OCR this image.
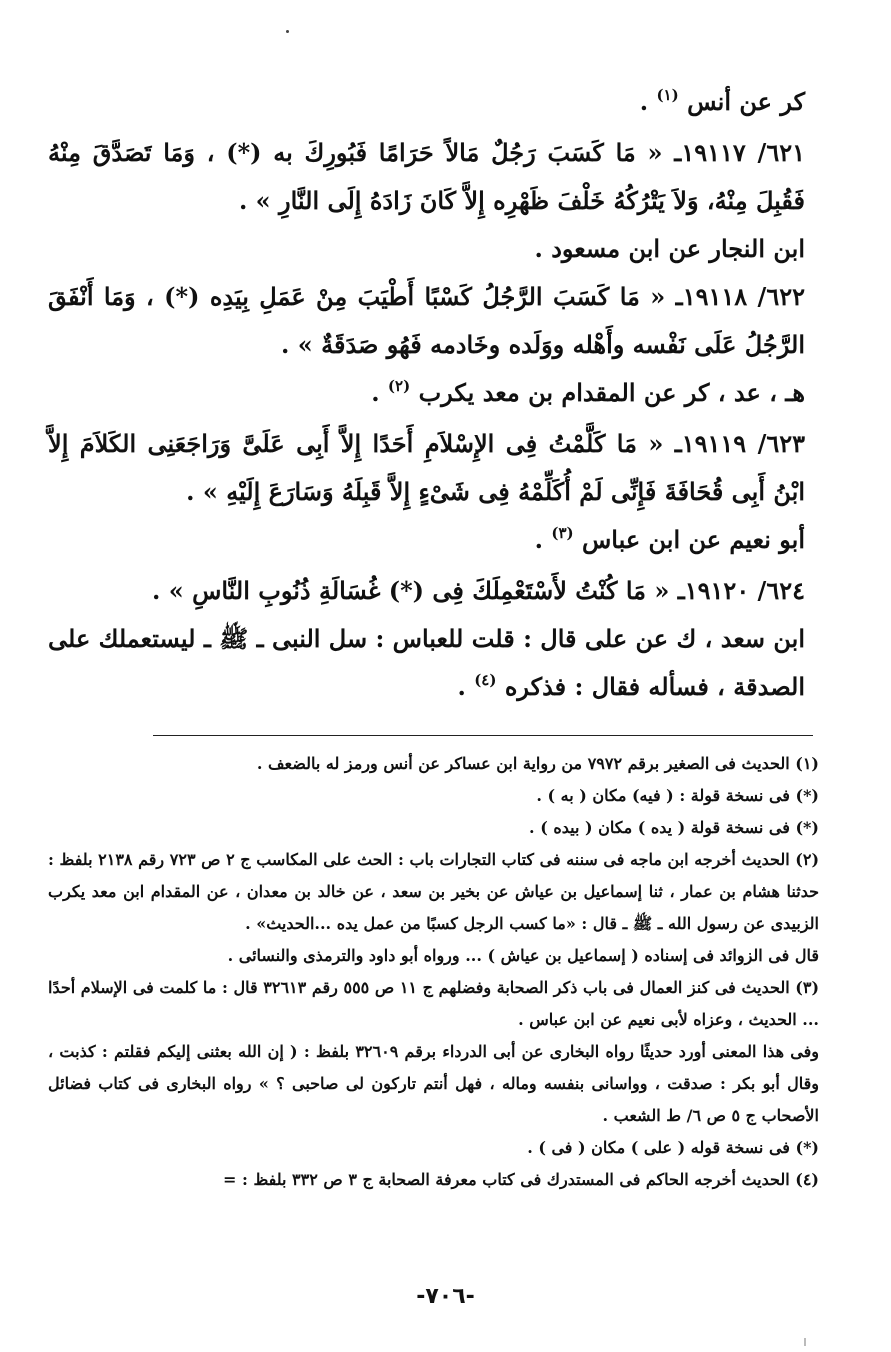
كر عن أنس $^{(١)}$ .

٦٢١/ ١٩١١٧ـ « مَا كَسَبَ رَجُلٌ مَالاً حَرَامًا فَبُورِكَ به (*) ، وَمَا تَصَدَّقَ مِنْهُ فَقُبِلَ مِنْهُ، وَلاَ يَتْرُكُهُ خَلْفَ ظَهْرِه إِلاَّ كَانَ زَادَهُ إِلَى النَّارِ » .

ابن النجار عن ابن مسعود .

٦٢٢/ ١٩١١٨ـ « مَا كَسَبَ الرَّجُلُ كَسْبًا أَطْيَبَ مِنْ عَمَلِ بِيَدِه (*) ، وَمَا أَنْفَقَ الرَّجُلُ عَلَى نَفْسه وأَهْله ووَلَده وخَادمه فَهُو صَدَقَةٌ » .

هـ ، عد ، كر عن المقدام بن معد يكرب $^{(٢)}$ .

٦٢٣/ ١٩١١٩ـ « مَا كَلَّمْتُ فِى الإِسْلاَمِ أَحَدًا إِلاَّ أَبِى عَلَىَّ وَرَاجَعَنِى الكَلاَمَ إِلاَّ ابْنُ أَبِى قُحَافَةَ فَإِنِّى لَمْ أُكَلِّمْهُ فِى شَىْءٍ إِلاَّ قَبِلَهُ وَسَارَعَ إِلَيْهِ » .

أبو نعيم عن ابن عباس $^{(٣)}$ .

٦٢٤/ ١٩١٢٠ـ « مَا كُنْتُ لأَسْتَعْمِلَكَ فِى (*) غُسَالَةِ ذُنُوبِ النَّاسِ » .

ابن سعد ، ك عن على قال : قلت للعباس : سل النبى ـ ﷺ ـ ليستعملك على الصدقة ، فسأله فقال : فذكره $^{(٤)}$ .

(١) الحديث فى الصغير برقم ٧٩٧٢ من رواية ابن عساكر عن أنس ورمز له بالضعف .

(*) فى نسخة قولة : ( فيه) مكان ( به ) .

(*) فى نسخة قولة ( يده ) مكان ( بيده ) .

(٢) الحديث أخرجه ابن ماجه فى سننه فى كتاب التجارات باب : الحث على المكاسب ج ٢ ص ٧٢٣ رقم ٢١٣٨ بلفظ : حدثنا هشام بن عمار ، ثنا إسماعيل بن عياش عن بخير بن سعد ، عن خالد بن معدان ، عن المقدام ابن معد يكرب الزبيدى عن رسول الله ـ ﷺ ـ قال : «ما كسب الرجل كسبًا من عمل يده ...الحديث» .

قال فى الزوائد فى إسناده ( إسماعيل بن عياش ) ... ورواه أبو داود والترمذى والنسائى .

(٣) الحديث فى كنز العمال فى باب ذكر الصحابة وفضلهم ج ١١ ص ٥٥٥ رقم ٣٢٦١٣ قال : ما كلمت فى الإسلام أحدًا ... الحديث ، وعزاه لأبى نعيم عن ابن عباس .

وفى هذا المعنى أورد حديثًا رواه البخارى عن أبى الدرداء برقم ٣٢٦٠٩ بلفظ : ( إن الله بعثنى إليكم فقلتم : كذبت ، وقال أبو بكر : صدقت ، وواسانى بنفسه وماله ، فهل أنتم تاركون لى صاحبى ؟ » رواه البخارى فى كتاب فضائل الأصحاب ج ٥ ص ٦/ ط الشعب .

(*) فى نسخة قوله ( على ) مكان ( فى ) .

(٤) الحديث أخرجه الحاكم فى المستدرك فى كتاب معرفة الصحابة ج ٣ ص ٣٣٢ بلفظ : =

-٧٠٦-
